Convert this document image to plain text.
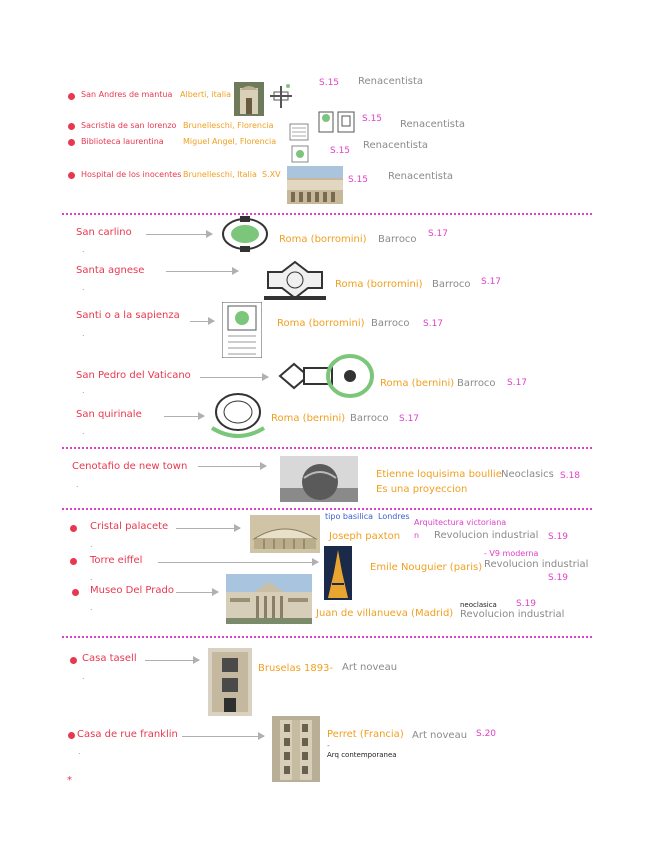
San Andres de mantua Alberti, italia
S.15 Renacentista
Sacristia de san lorenzo Brunelleschi, Florencia
S.15 Renacentista
Biblioteca laurentina Miguel Angel, Florencia
S.15 Renacentista
Hospital de los inocentes Brunelleschi, Italia S.XV
S.15 Renacentista
San carlino
.
Roma (borromini) Barroco S.17
Santa agnese
.	Roma (borromini) Barroco S.17
Santi o a la sapienza
.
Roma (borromini) Barroco S.17
San Pedro del Vaticano
.
Roma (bernini) Barroco S.17
San quirinale
.
Roma (bernini) Barroco S.17
Cenotafio de new town
.
Etienne loquisima boullie Neoclasics S.18
Es una proyeccion
Cristal palacete
.
tipo basilica Londres
Arquitectura victoriana
Joseph paxton n Revolucion industrial S.19
Torre eiffel
.
- V9 moderna
Emile Nouguier (paris) Revolucion industrial
S.19
Museo Del Prado
.	neoclasica S.19
Juan de villanueva (Madrid) Revolucion industrial
Casa tasell
.
Bruselas 1893- Art noveau
Casa de rue franklin
.
Perret (Francia) Art noveau S.20
-
Arq contemporanea
*
